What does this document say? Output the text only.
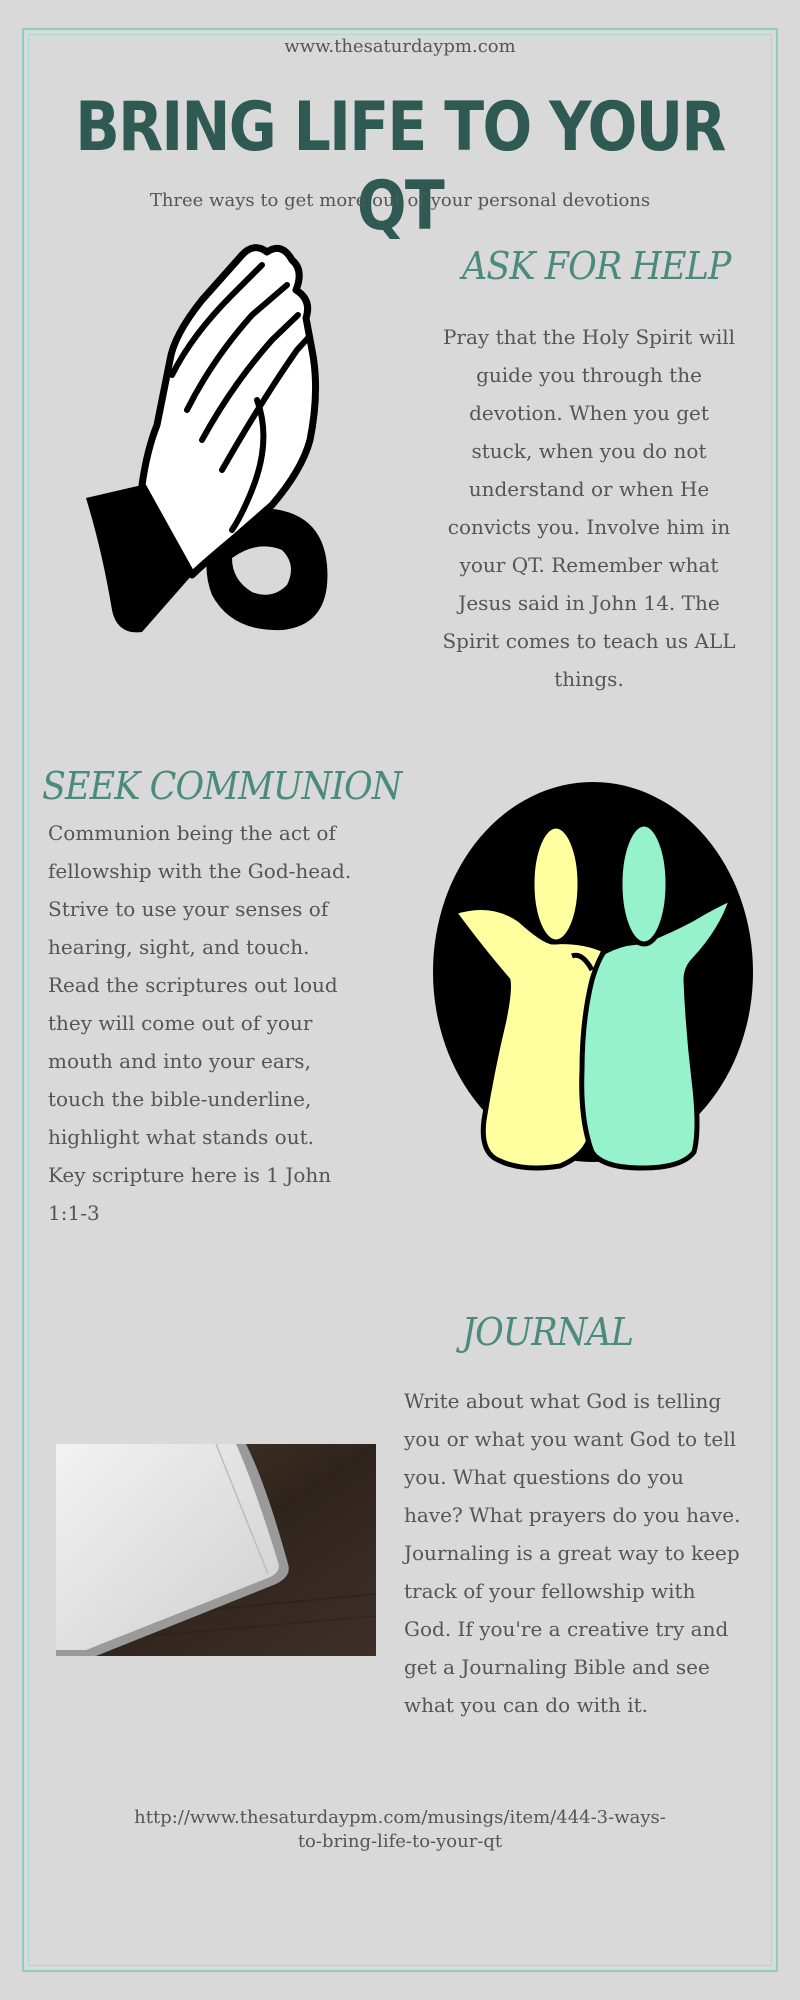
www.thesaturdaypm.com
BRING LIFE TO YOUR QT
Three ways to get more out of your personal devotions
ASK FOR HELP
Pray that the Holy Spirit will
guide you through the
devotion. When you get
stuck, when you do not
understand or when He
convicts you. Involve him in
your QT. Remember what
Jesus said in John 14. The
Spirit comes to teach us ALL
things.
SEEK COMMUNION
Communion being the act of
fellowship with the God-head.
Strive to use your senses of
hearing, sight, and touch.
Read the scriptures out loud
they will come out of your
mouth and into your ears,
touch the bible-underline,
highlight what stands out.
Key scripture here is 1 John
1:1-3
JOURNAL
Write about what God is telling
you or what you want God to tell
you. What questions do you
have? What prayers do you have.
Journaling is a great way to keep
track of your fellowship with
God. If you're a creative try and
get a Journaling Bible and see
what you can do with it.
http://www.thesaturdaypm.com/musings/item/444-3-ways-
to-bring-life-to-your-qt
